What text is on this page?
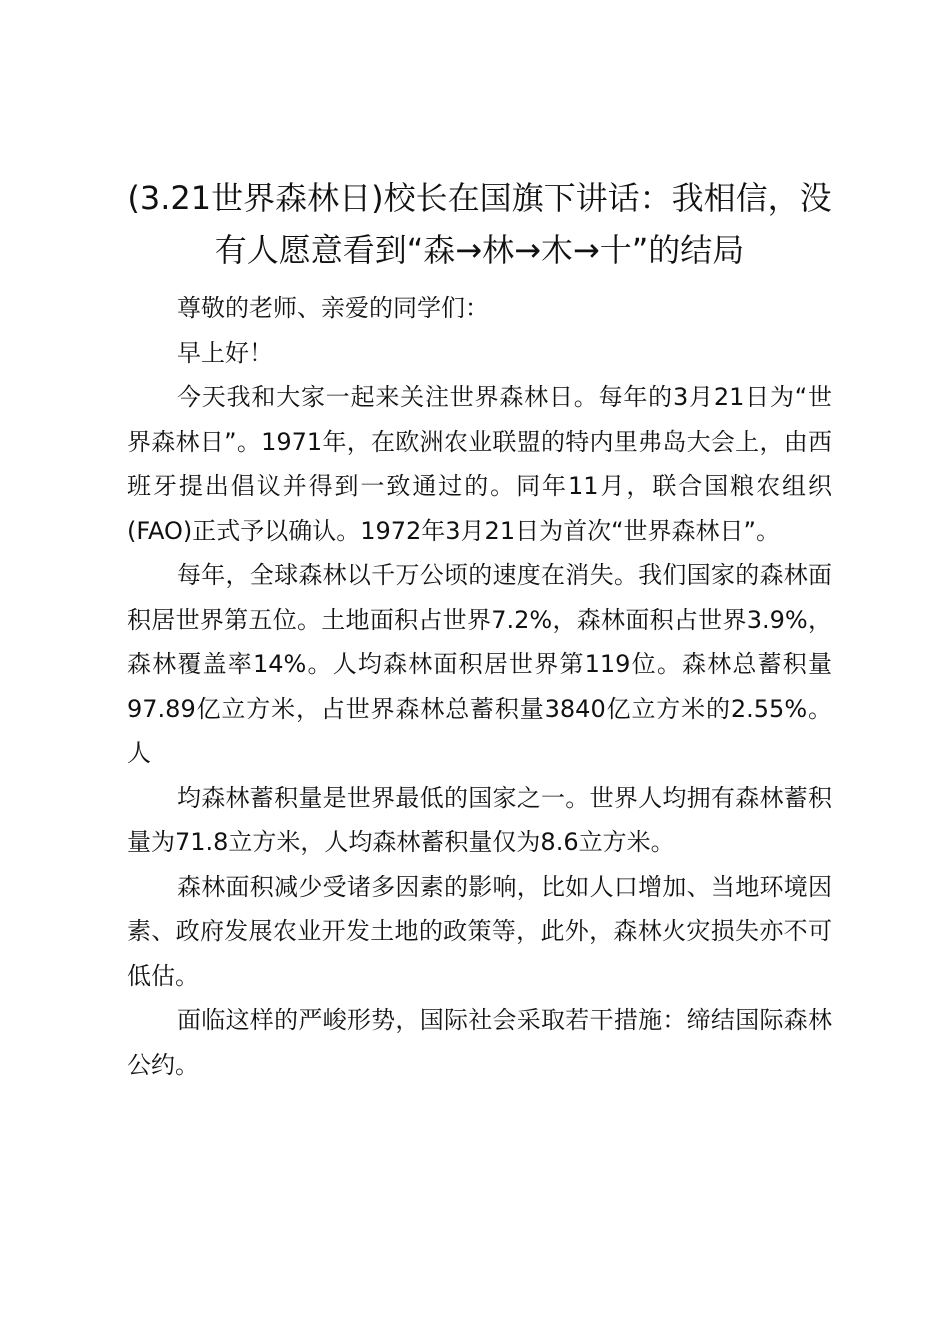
(3.21世界森林日)校长在国旗下讲话：我相信，没有人愿意看到“森→林→木→十”的结局

尊敬的老师、亲爱的同学们：

早上好！

今天我和大家一起来关注世界森林日。每年的3月21日为“世界森林日”。1971年，在欧洲农业联盟的特内里弗岛大会上，由西班牙提出倡议并得到一致通过的。同年11月，联合国粮农组织(FAO)正式予以确认。1972年3月21日为首次“世界森林日”。

每年，全球森林以千万公顷的速度在消失。我们国家的森林面积居世界第五位。土地面积占世界7.2%，森林面积占世界3.9%，森林覆盖率14%。人均森林面积居世界第119位。森林总蓄积量97.89亿立方米，占世界森林总蓄积量3840亿立方米的2.55%。人

均森林蓄积量是世界最低的国家之一。世界人均拥有森林蓄积量为71.8立方米，人均森林蓄积量仅为8.6立方米。

森林面积减少受诸多因素的影响，比如人口增加、当地环境因素、政府发展农业开发土地的政策等，此外，森林火灾损失亦不可低估。

面临这样的严峻形势，国际社会采取若干措施：缔结国际森林公约。
